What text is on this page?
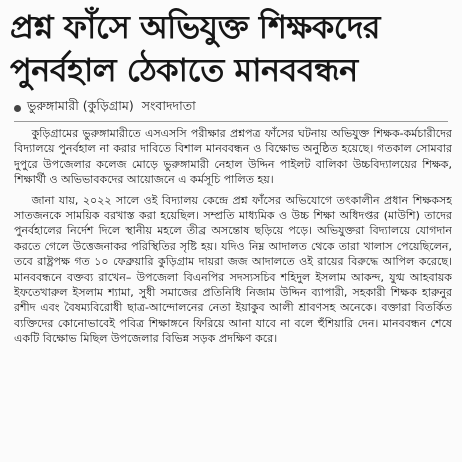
প্রশ্ন ফাঁসে অভিযুক্ত শিক্ষকদের
পুনর্বহাল ঠেকাতে মানববন্ধন
ভুরুঙ্গামারী (কুড়িগ্রাম) সংবাদদাতা

কুড়িগ্রামের ভুরুঙ্গামারীতে এসএসসি পরীক্ষার প্রশ্নপত্র ফাঁসের ঘটনায় অভিযুক্ত শিক্ষক-কর্মচারীদের বিদ্যালয়ে পুনর্বহাল না করার দাবিতে বিশাল মানববন্ধন ও বিক্ষোভ অনুষ্ঠিত হয়েছে। গতকাল সোমবার দুপুরে উপজেলার কলেজ মোড়ে ভুরুঙ্গামারী নেহাল উদ্দিন পাইলট বালিকা উচ্চবিদ্যালয়ের শিক্ষক, শিক্ষার্থী ও অভিভাবকদের আয়োজনে এ কর্মসূচি পালিত হয়।

জানা যায়, ২০২২ সালে ওই বিদ্যালয় কেন্দ্রে প্রশ্ন ফাঁসের অভিযোগে তৎকালীন প্রধান শিক্ষকসহ সাতজনকে সাময়িক বরখাস্ত করা হয়েছিল। সম্প্রতি মাধ্যমিক ও উচ্চ শিক্ষা অধিদপ্তর (মাউশি) তাদের পুনর্বহালের নির্দেশ দিলে স্থানীয় মহলে তীব্র অসন্তোষ ছড়িয়ে পড়ে। অভিযুক্তরা বিদ্যালয়ে যোগদান করতে গেলে উত্তেজনাকর পরিস্থিতির সৃষ্টি হয়। যদিও নিম্ন আদালত থেকে তারা খালাস পেয়েছিলেন, তবে রাষ্ট্রপক্ষ গত ১০ ফেব্রুয়ারি কুড়িগ্রাম দায়রা জজ আদালতে ওই রায়ের বিরুদ্ধে আপিল করেছে। মানববন্ধনে বক্তব্য রাখেন– উপজেলা বিএনপির সদস্যসচিব শহিদুল ইসলাম আকন্দ, যুগ্ম আহবায়ক ইফতেখারুল ইসলাম শ্যামা, সুধী সমাজের প্রতিনিধি নিজাম উদ্দিন ব্যাপারী, সহকারী শিক্ষক হারুনুর রশীদ এবং বৈষম্যবিরোধী ছাত্র-আন্দোলনের নেতা ইয়াকুব আলী শ্রাবণসহ অনেকে। বক্তারা বিতর্কিত ব্যক্তিদের কোনোভাবেই পবিত্র শিক্ষাঙ্গনে ফিরিয়ে আনা যাবে না বলে হুঁশিয়ারি দেন। মানববন্ধন শেষে একটি বিক্ষোভ মিছিল উপজেলার বিভিন্ন সড়ক প্রদক্ষিণ করে।
